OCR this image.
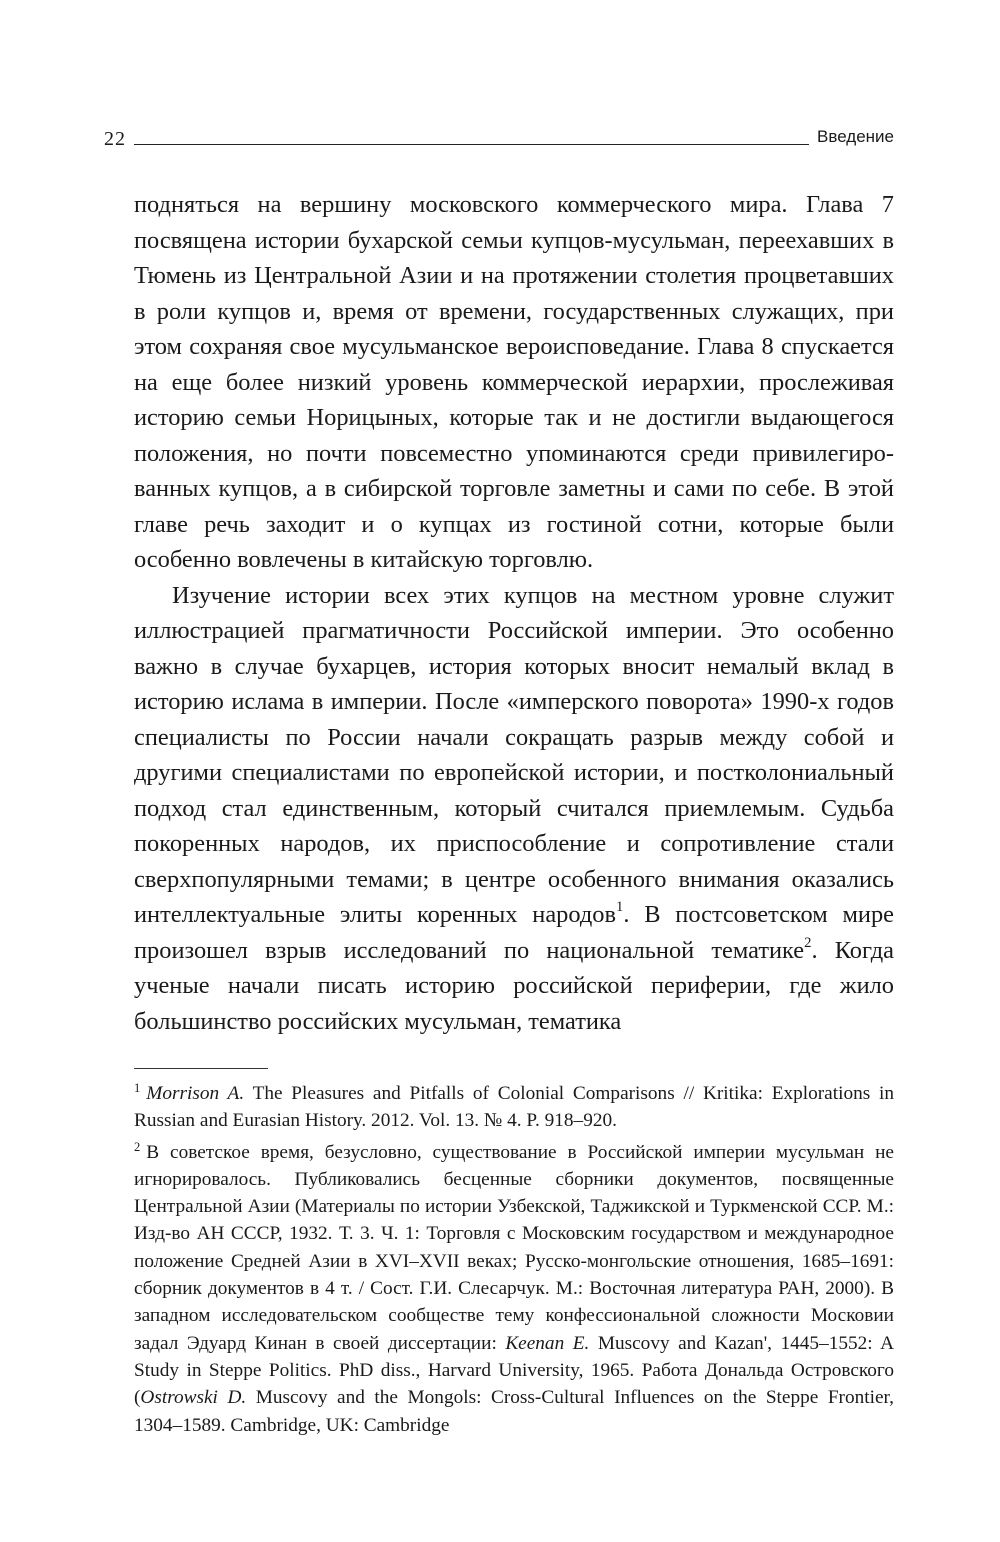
22	Введение

поднятьcя на вершину московского коммерческого мира. Глава 7 посвящена истории бухарской семьи купцов-мусульман, переехавших в Тюмень из Центральной Азии и на протяжении столетия процветавших в роли купцов и, время от времени, государственных служащих, при этом сохраняя свое мусульманское вероисповедание. Глава 8 спускается на еще более низкий уровень коммерческой иерархии, прослеживая историю семьи Норицыных, которые так и не достигли выдающегося положения, но почти повсеместно упоминаются среди привилегированных купцов, а в сибирской торговле заметны и сами по себе. В этой главе речь заходит и о купцах из гостиной сотни, которые были особенно вовлечены в китайскую торговлю.

Изучение истории всех этих купцов на местном уровне служит иллюстрацией прагматичности Российской империи. Это особенно важно в случае бухарцев, история которых вносит немалый вклад в историю ислама в империи. После «имперского поворота» 1990-х годов специалисты по России начали сокращать разрыв между собой и другими специалистами по европейской истории, и постколониальный подход стал единственным, который считался приемлемым. Судьба покоренных народов, их приспособление и сопротивление стали сверхпопулярными темами; в центре особенного внимания оказались интеллектуальные элиты коренных народов$^1$. В постсоветском мире произошел взрыв исследований по национальной тематике$^2$. Когда ученые начали писать историю российской периферии, где жило большинство российских мусульман, тематика

$^1$ Morrison A. The Pleasures and Pitfalls of Colonial Comparisons // Kritika: Explorations in Russian and Eurasian History. 2012. Vol. 13. № 4. P. 918–920.

$^2$ В советское время, безусловно, существование в Российской империи мусульман не игнорировалось. Публиковались бесценные сборники документов, посвященные Центральной Азии (Материалы по истории Узбекской, Таджикской и Туркменской ССР. М.: Изд-во АН СССР, 1932. Т. 3. Ч. 1: Торговля с Московским государством и международное положение Средней Азии в XVI–XVII веках; Русско-монгольские отношения, 1685–1691: сборник документов в 4 т. / Сост. Г.И. Слесарчук. М.: Восточная литература РАН, 2000). В западном исследовательском сообществе тему конфессиональной сложности Московии задал Эдуард Кинан в своей диссертации: Keenan E. Muscovy and Kazan', 1445–1552: A Study in Steppe Politics. PhD diss., Harvard University, 1965. Работа Дональда Островского (Ostrowski D. Muscovy and the Mongols: Cross-Cultural Influences on the Steppe Frontier, 1304–1589. Cambridge, UK: Cambridge
